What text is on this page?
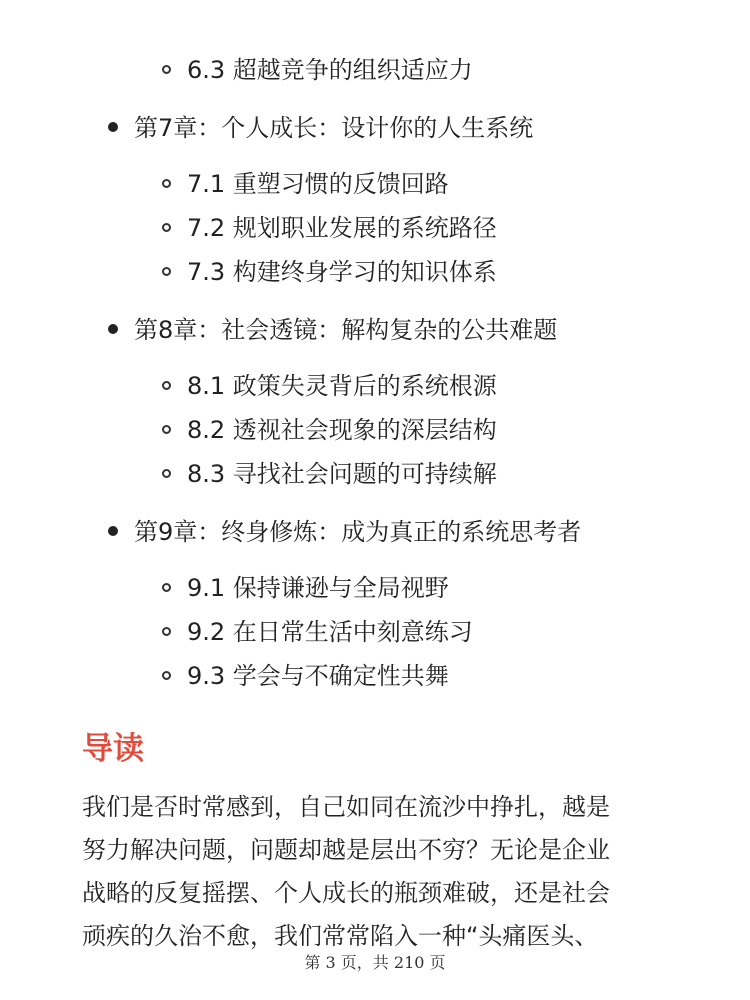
6.3 超越竞争的组织适应力
第7章：个人成长：设计你的人生系统
7.1 重塑习惯的反馈回路
7.2 规划职业发展的系统路径
7.3 构建终身学习的知识体系
第8章：社会透镜：解构复杂的公共难题
8.1 政策失灵背后的系统根源
8.2 透视社会现象的深层结构
8.3 寻找社会问题的可持续解
第9章：终身修炼：成为真正的系统思考者
9.1 保持谦逊与全局视野
9.2 在日常生活中刻意练习
9.3 学会与不确定性共舞
导读
我们是否时常感到，自己如同在流沙中挣扎，越是
努力解决问题，问题却越是层出不穷？无论是企业
战略的反复摇摆、个人成长的瓶颈难破，还是社会
顽疾的久治不愈，我们常常陷入一种“头痛医头、
第 3 页，共 210 页
